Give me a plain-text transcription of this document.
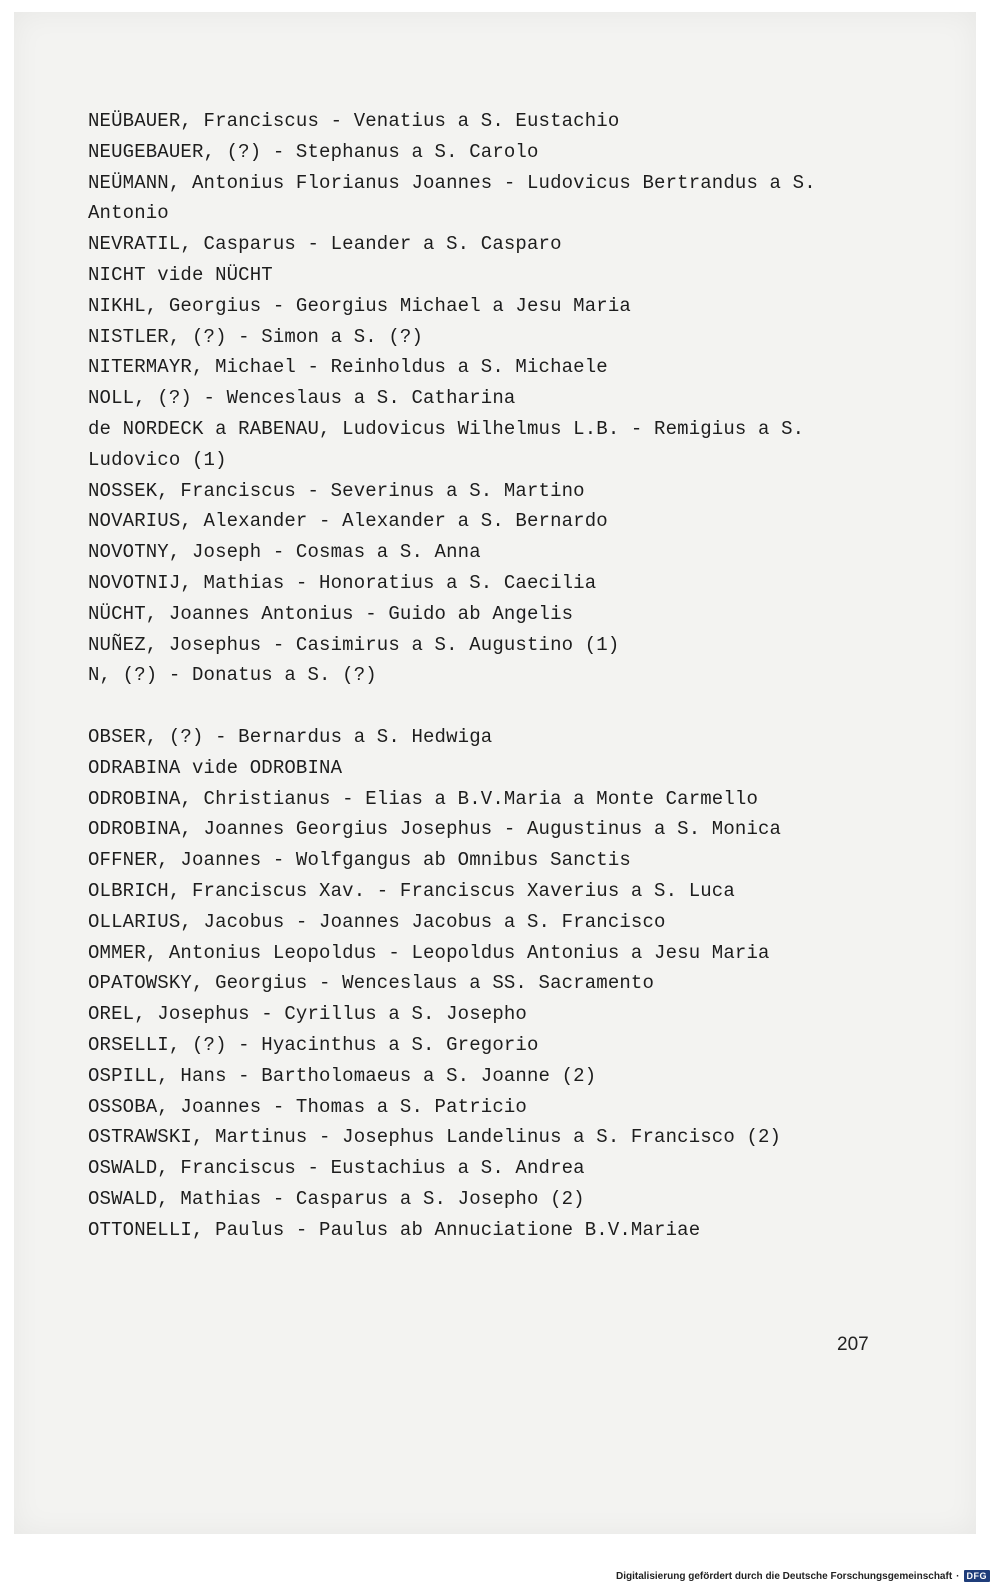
NEÜBAUER, Franciscus - Venatius a S. Eustachio
NEUGEBAUER, (?) - Stephanus a S. Carolo
NEÜMANN, Antonius Florianus Joannes - Ludovicus Bertrandus a S. Antonio
NEVRATIL, Casparus - Leander a S. Casparo
NICHT vide NÜCHT
NIKHL, Georgius - Georgius Michael a Jesu Maria
NISTLER, (?) - Simon a S. (?)
NITERMAYR, Michael - Reinholdus a S. Michaele
NOLL, (?) - Wenceslaus a S. Catharina
de NORDECK a RABENAU, Ludovicus Wilhelmus L.B. - Remigius a S. Ludovico (1)
NOSSEK, Franciscus - Severinus a S. Martino
NOVARIUS, Alexander - Alexander a S. Bernardo
NOVOTNY, Joseph - Cosmas a S. Anna
NOVOTNIJ, Mathias - Honoratius a S. Caecilia
NÜCHT, Joannes Antonius - Guido ab Angelis
NUÑEZ, Josephus - Casimirus a S. Augustino (1)
N, (?) - Donatus a S. (?)
OBSER, (?) - Bernardus a S. Hedwiga
ODRABINA vide ODROBINA
ODROBINA, Christianus - Elias a B.V.Maria a Monte Carmello
ODROBINA, Joannes Georgius Josephus - Augustinus a S. Monica
OFFNER, Joannes - Wolfgangus ab Omnibus Sanctis
OLBRICH, Franciscus Xav. - Franciscus Xaverius a S. Luca
OLLARIUS, Jacobus - Joannes Jacobus a S. Francisco
OMMER, Antonius Leopoldus - Leopoldus Antonius a Jesu Maria
OPATOWSKY, Georgius - Wenceslaus a SS. Sacramento
OREL, Josephus - Cyrillus a S. Josepho
ORSELLI, (?) - Hyacinthus a S. Gregorio
OSPILL, Hans - Bartholomaeus a S. Joanne (2)
OSSOBA, Joannes - Thomas a S. Patricio
OSTRAWSKI, Martinus - Josephus Landelinus a S. Francisco (2)
OSWALD, Franciscus - Eustachius a S. Andrea
OSWALD, Mathias - Casparus a S. Josepho (2)
OTTONELLI, Paulus - Paulus ab Annuciatione B.V.Mariae
207
Digitalisierung gefördert durch die Deutsche Forschungsgemeinschaft · DFG
